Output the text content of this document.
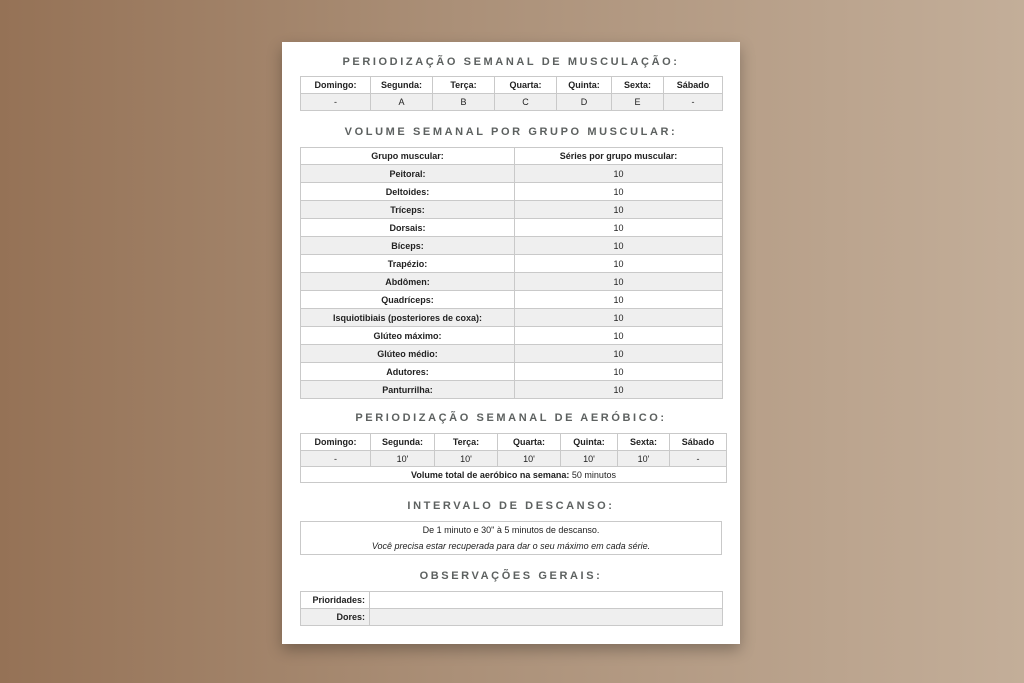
PERIODIZAÇÃO SEMANAL DE MUSCULAÇÃO:
Domingo:	Segunda:	Terça:	Quarta:	Quinta:	Sexta:	Sábado
-	A	B	C	D	E	-
VOLUME SEMANAL POR GRUPO MUSCULAR:
Grupo muscular:	Séries por grupo muscular:
Peitoral:	10
Deltoides:	10
Tríceps:	10
Dorsais:	10
Bíceps:	10
Trapézio:	10
Abdômen:	10
Quadríceps:	10
Isquiotibiais (posteriores de coxa):	10
Glúteo máximo:	10
Glúteo médio:	10
Adutores:	10
Panturrilha:	10
PERIODIZAÇÃO SEMANAL DE AERÓBICO:
Domingo:	Segunda:	Terça:	Quarta:	Quinta:	Sexta:	Sábado
-	10'	10'	10'	10'	10'	-
Volume total de aeróbico na semana: 50 minutos						
INTERVALO DE DESCANSO:
De 1 minuto e 30" à 5 minutos de descanso.
Você precisa estar recuperada para dar o seu máximo em cada série.
OBSERVAÇÕES GERAIS:
Prioridades:	
Dores:	
